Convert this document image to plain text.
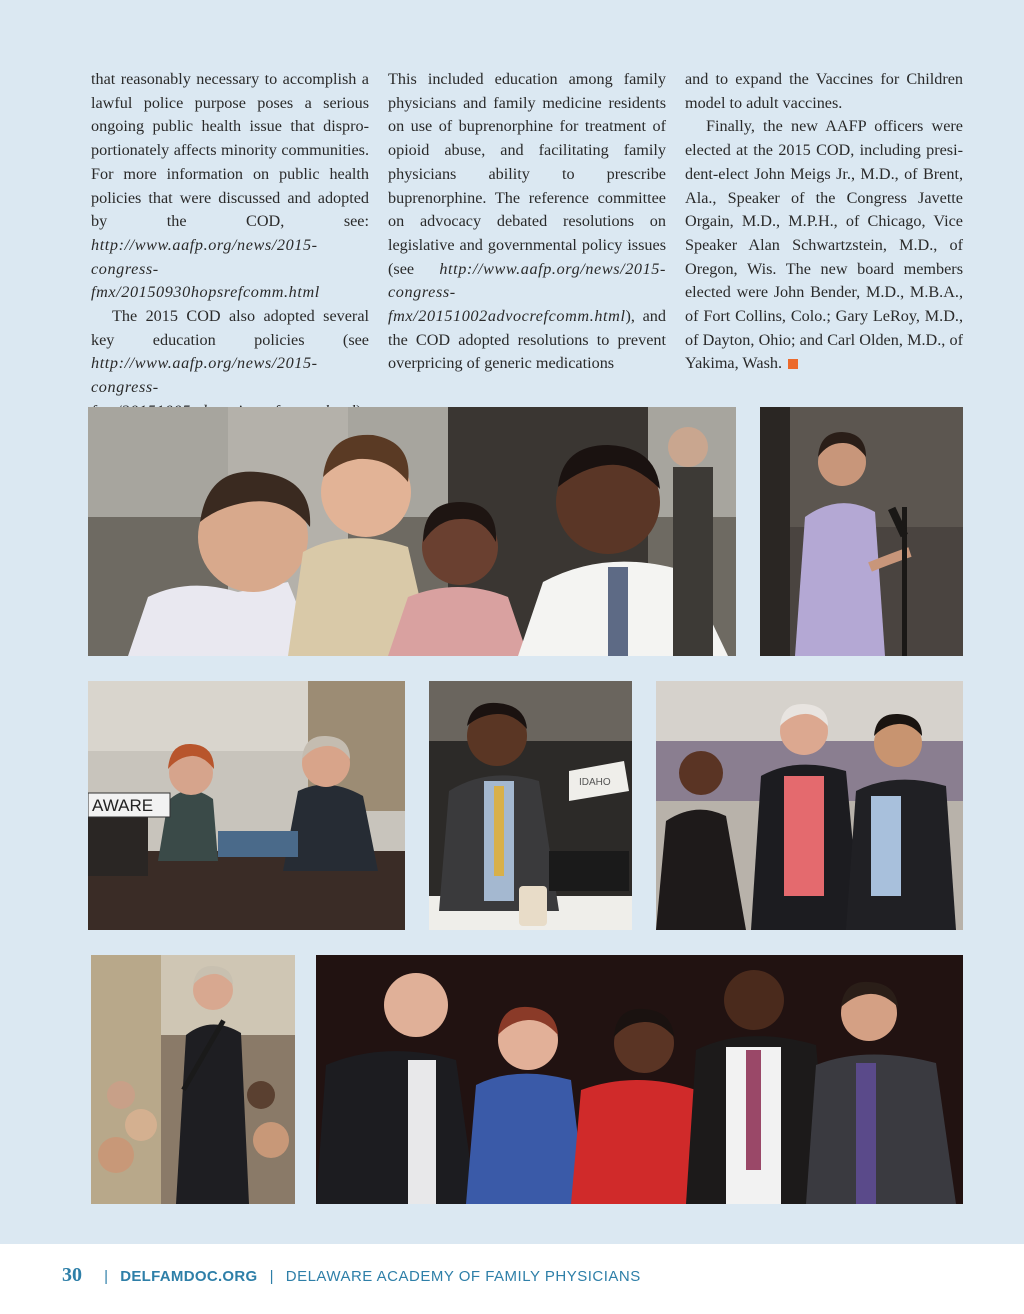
that reasonably necessary to accomplish a lawful police purpose poses a serious ongoing public health issue that disproportionately affects minority communities. For more information on public health policies that were discussed and adopted by the COD, see: http://www.aafp.org/news/2015-congress-fmx/20150930hopsrefcomm.html

The 2015 COD also adopted several key education policies (see http://www.aafp.org/news/2015-congress-

This included education among family physicians and family medicine residents on use of buprenorphine for treatment of opioid abuse, and facilitating family physicians ability to prescribe buprenorphine. The reference committee on advocacy debated resolutions on legislative and governmental policy issues (see http://www.aafp.org/news/2015-congress-fmx/20151002advocrefcomm.html), and the COD adopted resolutions to prevent overpricing of generic medications

and to expand the Vaccines for Children model to adult vaccines.

Finally, the new AAFP officers were elected at the 2015 COD, including president-elect John Meigs Jr., M.D., of Brent, Ala., Speaker of the Congress Javette Orgain, M.D., M.P.H., of Chicago, Vice Speaker Alan Schwartzstein, M.D., of Oregon, Wis. The new board members elected were John Bender, M.D., M.B.A., of Fort Collins, Colo.; Gary LeRoy, M.D., of Dayton, Ohio; and Carl Olden, M.D., of Yakima, Wash.

AWARE
IDAHO
30 | DELFAMDOC.ORG | DELAWARE ACADEMY OF FAMILY PHYSICIANS
